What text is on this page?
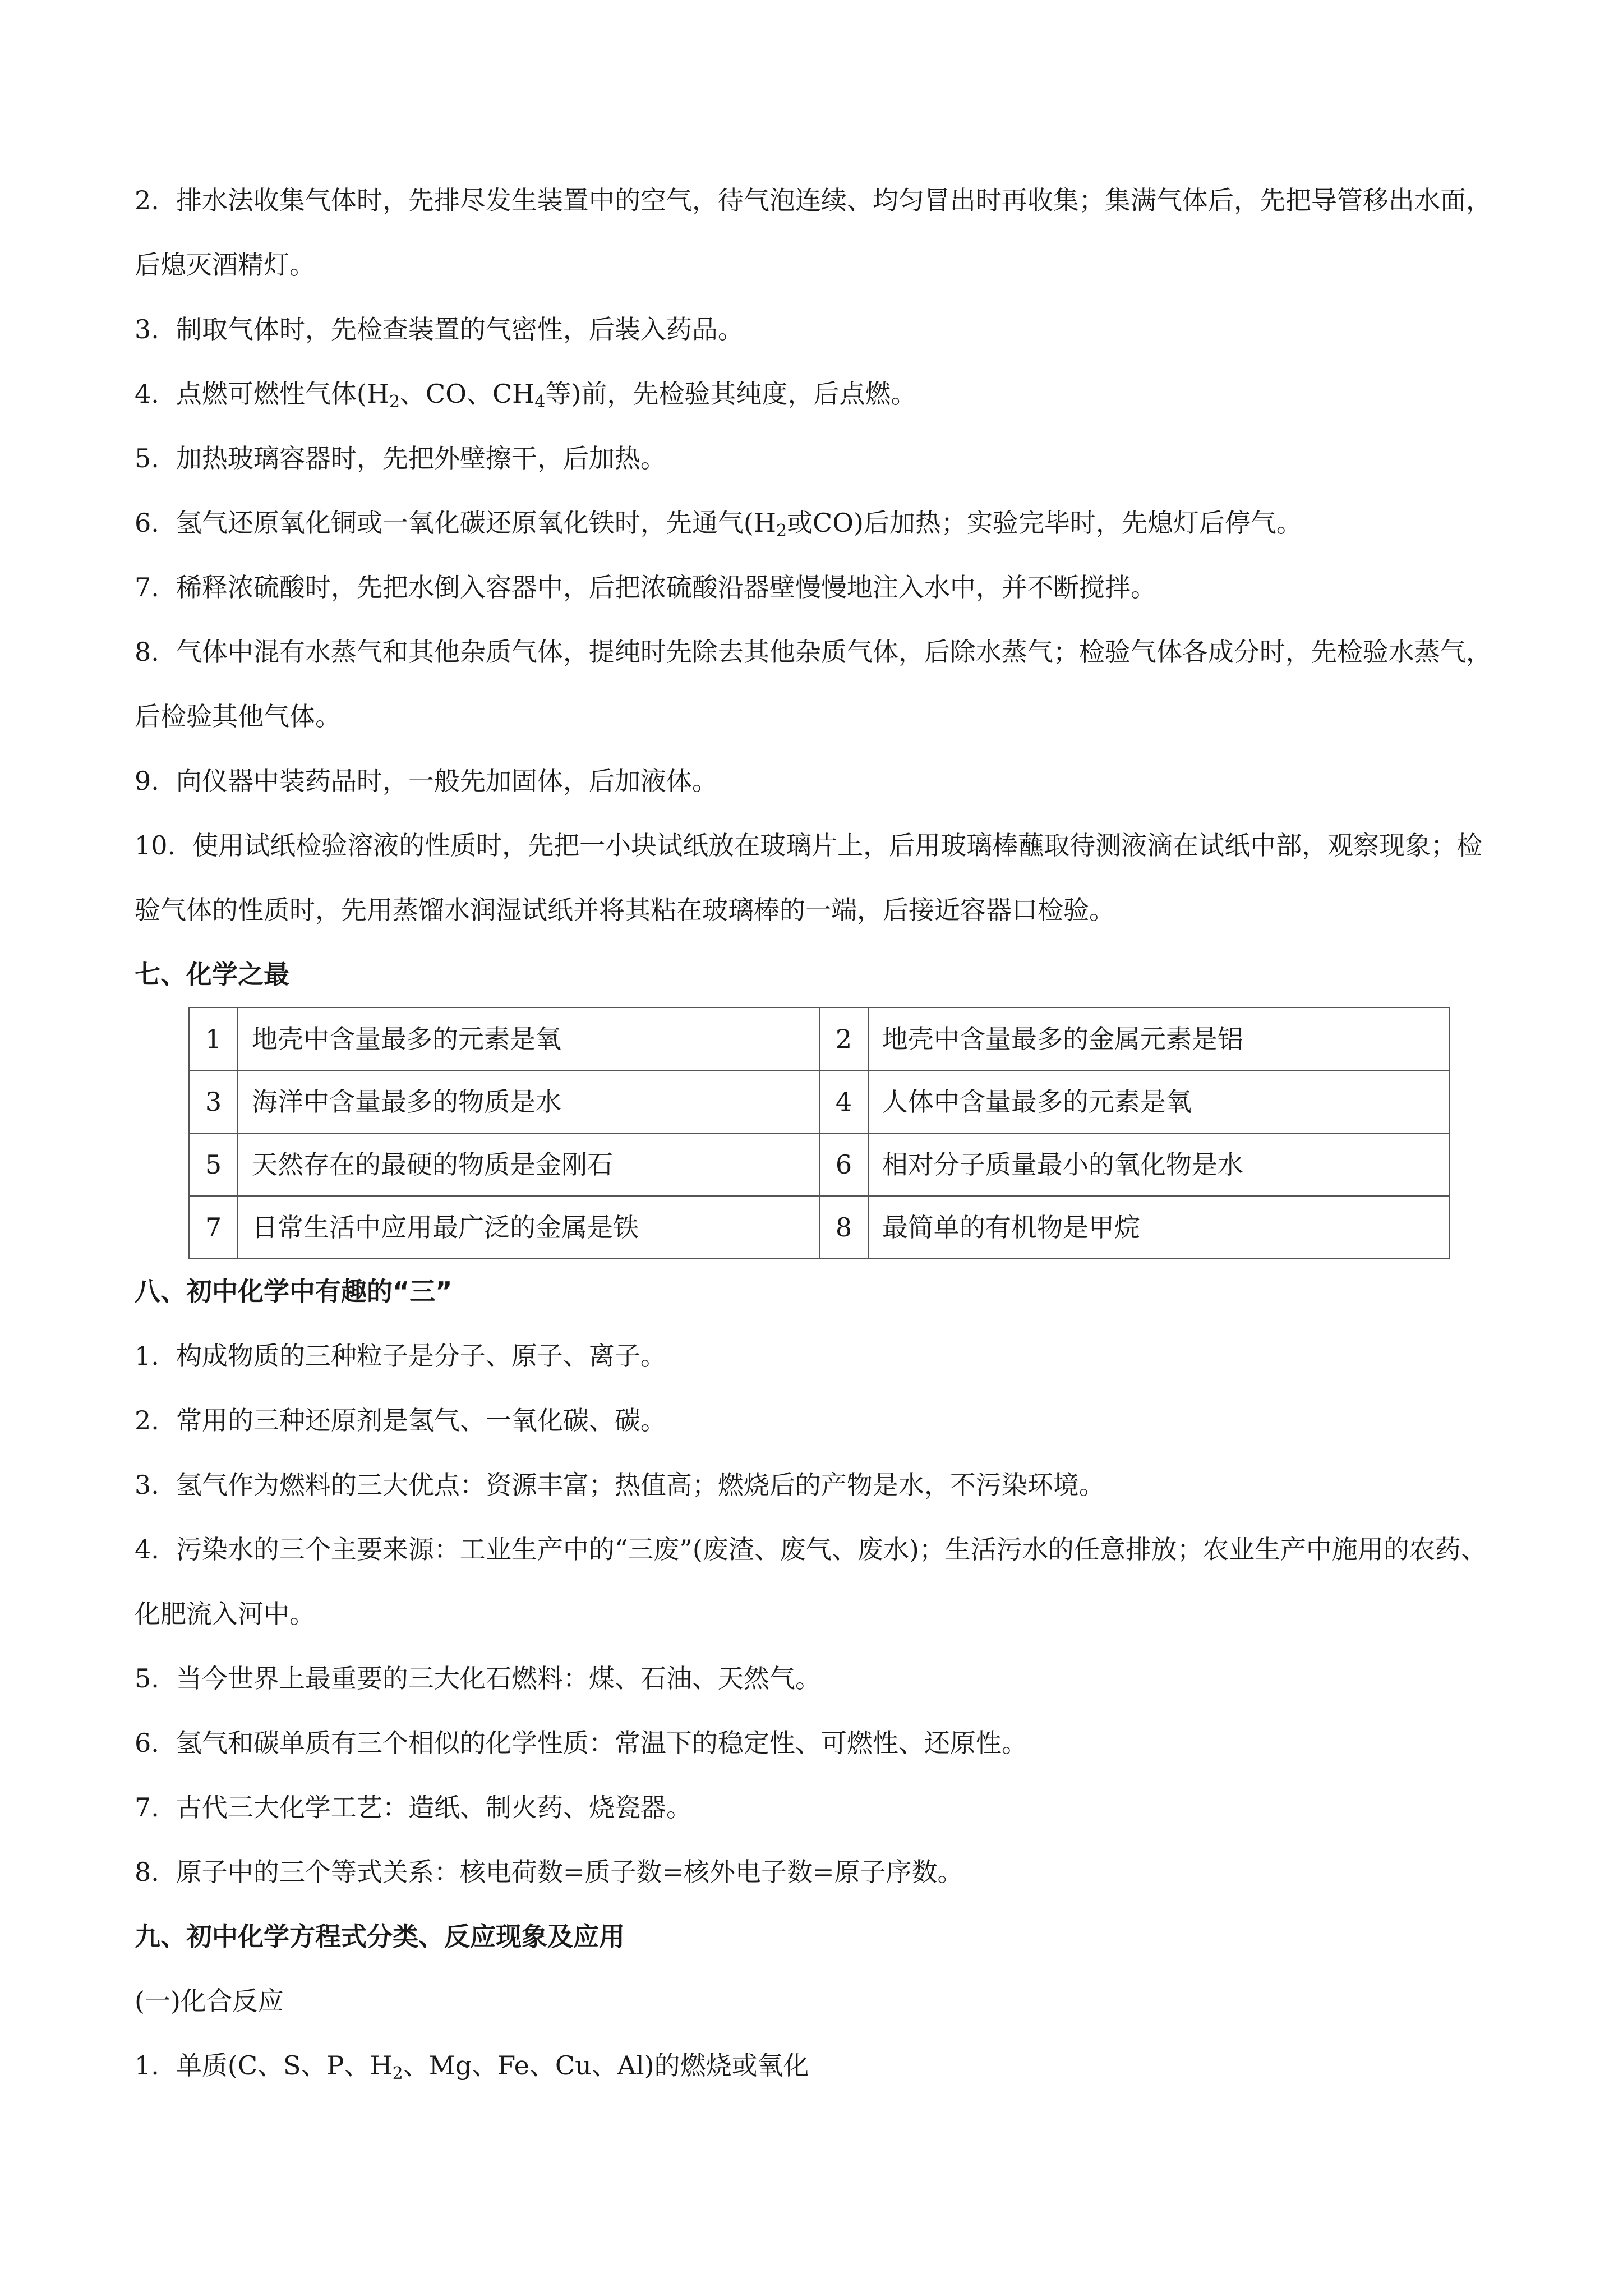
2. 排水法收集气体时，先排尽发生装置中的空气，待气泡连续、均匀冒出时再收集；集满气体后，先把导管移出水面，后熄灭酒精灯。

3. 制取气体时，先检查装置的气密性，后装入药品。

4. 点燃可燃性气体($H_2$、CO、$CH_4$等)前，先检验其纯度，后点燃。

5. 加热玻璃容器时，先把外壁擦干，后加热。

6. 氢气还原氧化铜或一氧化碳还原氧化铁时，先通气($H_2$或CO)后加热；实验完毕时，先熄灯后停气。

7. 稀释浓硫酸时，先把水倒入容器中，后把浓硫酸沿器壁慢慢地注入水中，并不断搅拌。

8. 气体中混有水蒸气和其他杂质气体，提纯时先除去其他杂质气体，后除水蒸气；检验气体各成分时，先检验水蒸气，后检验其他气体。

9. 向仪器中装药品时，一般先加固体，后加液体。

10. 使用试纸检验溶液的性质时，先把一小块试纸放在玻璃片上，后用玻璃棒蘸取待测液滴在试纸中部，观察现象；检验气体的性质时，先用蒸馏水润湿试纸并将其粘在玻璃棒的一端，后接近容器口检验。

七、化学之最

1	地壳中含量最多的元素是氧	2	地壳中含量最多的金属元素是铝
3	海洋中含量最多的物质是水	4	人体中含量最多的元素是氧
5	天然存在的最硬的物质是金刚石	6	相对分子质量最小的氧化物是水
7	日常生活中应用最广泛的金属是铁	8	最简单的有机物是甲烷

八、初中化学中有趣的“三”

1. 构成物质的三种粒子是分子、原子、离子。

2. 常用的三种还原剂是氢气、一氧化碳、碳。

3. 氢气作为燃料的三大优点：资源丰富；热值高；燃烧后的产物是水，不污染环境。

4. 污染水的三个主要来源：工业生产中的“三废”(废渣、废气、废水)；生活污水的任意排放；农业生产中施用的农药、化肥流入河中。

5. 当今世界上最重要的三大化石燃料：煤、石油、天然气。

6. 氢气和碳单质有三个相似的化学性质：常温下的稳定性、可燃性、还原性。

7. 古代三大化学工艺：造纸、制火药、烧瓷器。

8. 原子中的三个等式关系：核电荷数=质子数=核外电子数=原子序数。

九、初中化学方程式分类、反应现象及应用

(一)化合反应

1. 单质(C、S、P、$H_2$、Mg、Fe、Cu、Al)的燃烧或氧化
